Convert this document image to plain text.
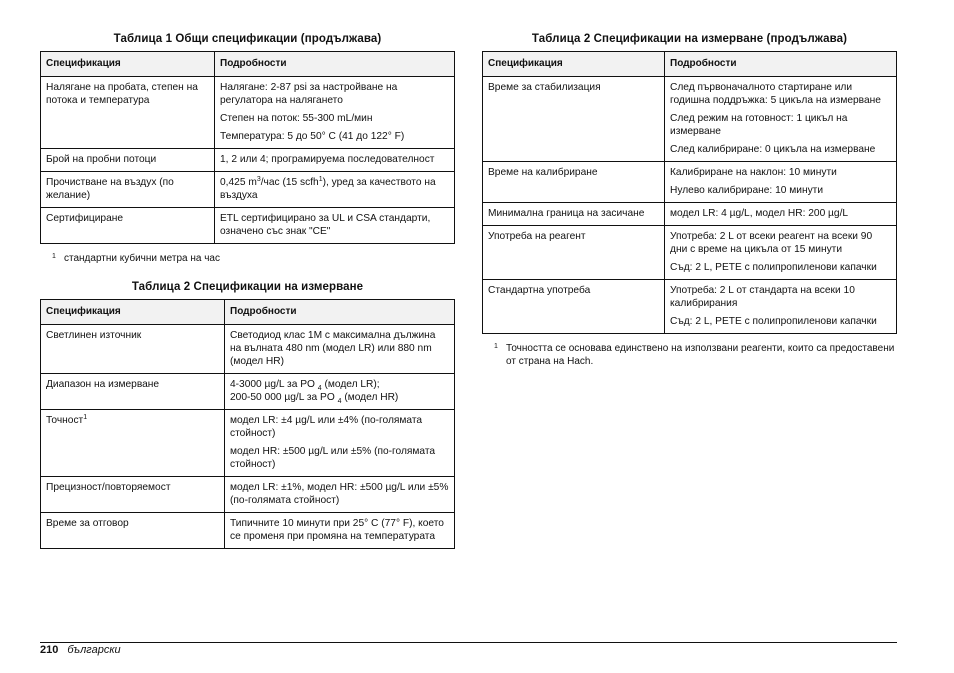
Таблица 1 Общи спецификации (продължава)
Спецификация	Подробности
Налягане на пробата, степен на потока и температура	Налягане: 2-87 psi за настройване на регулатора на налягането

Степен на поток: 55-300 mL/мин

Температура: 5 до 50° C (41 до 122° F)

Брой на пробни потоци	1, 2 или 4; програмируема последователност

Прочистване на въздух (по желание)	0,425 $m^3$/час (15 scfh$^1$), уред за качеството на въздуха

Сертифициране	ETL сертифицирано за UL и CSA стандарти, означено със знак "CE"

1 стандартни кубични метра на час
Таблица 2 Спецификации на измерване
Спецификация	Подробности
Светлинен източник	Светодиод клас 1M с максимална дължина на вълната 480 nm (модел LR) или 880 nm (модел HR)

Диапазон на измерване	4-3000 µg/L за PO $_4$ (модел LR);
200-50 000 µg/L за PO $_4$ (модел HR)

Точност$^1$	модел LR: ±4 µg/L или ±4% (по-голямата стойност)

модел HR: ±500 µg/L или ±5% (по-голямата стойност)

Прецизност/повторяемост	модел LR: ±1%, модел HR: ±500 µg/L или ±5% (по-голямата стойност)

Време за отговор	Типичните 10 минути при 25° C (77° F), което се променя при промяна на температурата

Таблица 2 Спецификации на измерване (продължава)
Спецификация	Подробности
Време за стабилизация	След първоначалното стартиране или годишна поддръжка: 5 цикъла на измерване

След режим на готовност: 1 цикъл на измерване

След калибриране: 0 цикъла на измерване

Време на калибриране	Калибриране на наклон: 10 минути

Нулево калибриране: 10 минути

Минимална граница на засичане	модел LR: 4 µg/L, модел HR: 200 µg/L

Употреба на реагент	Употреба: 2 L от всеки реагент на всеки 90 дни с време на цикъла от 15 минути

Съд: 2 L, PETE с полипропиленови капачки

Стандартна употреба	Употреба: 2 L от стандарта на всеки 10 калибрирания

Съд: 2 L, PETE с полипропиленови капачки

1 Точността се основава единствено на използвани реагенти, които са предоставени от страна на Hach.
210 български
